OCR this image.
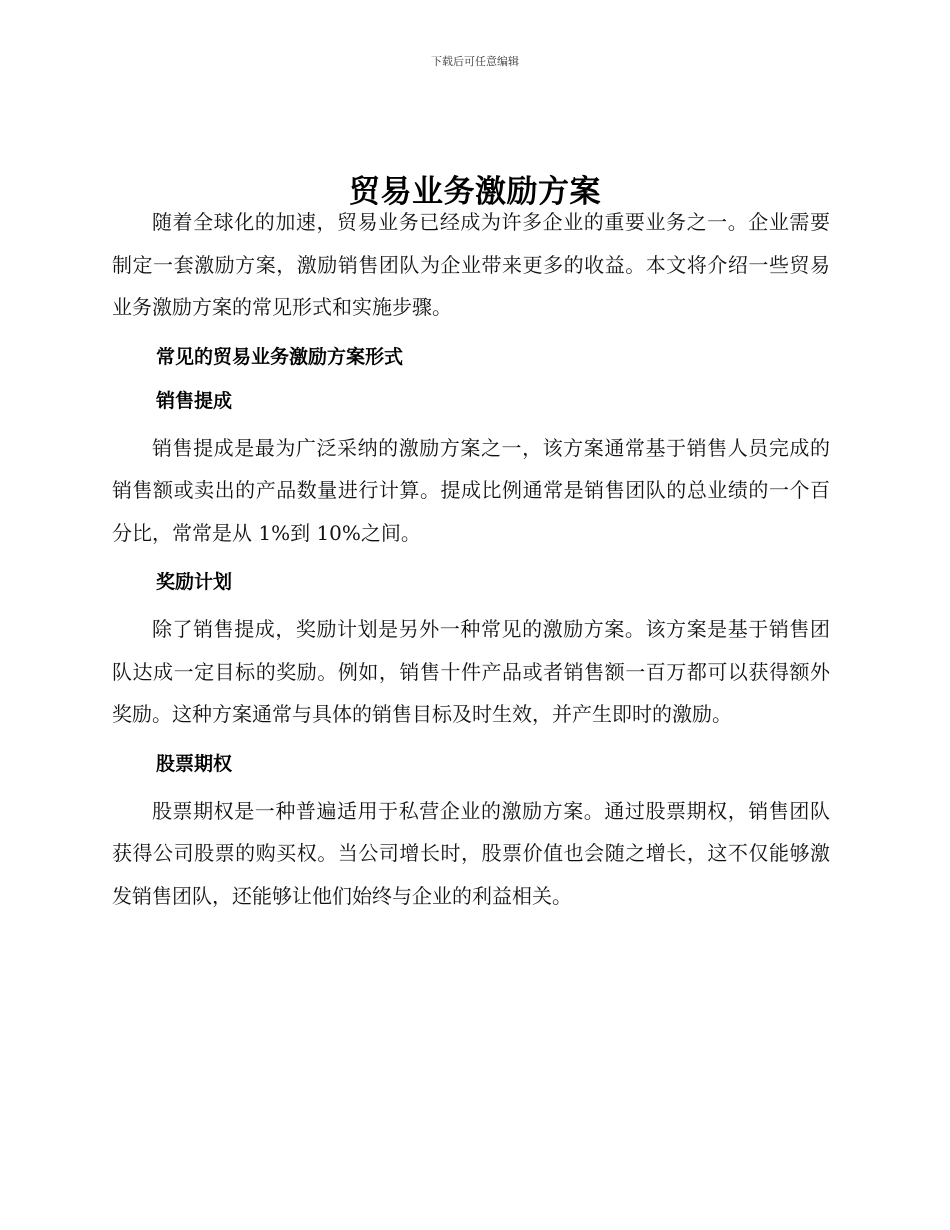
下载后可任意编辑
贸易业务激励方案

随着全球化的加速，贸易业务已经成为许多企业的重要业务之一。企业需要制定一套激励方案，激励销售团队为企业带来更多的收益。本文将介绍一些贸易业务激励方案的常见形式和实施步骤。

常见的贸易业务激励方案形式
销售提成

销售提成是最为广泛采纳的激励方案之一，该方案通常基于销售人员完成的销售额或卖出的产品数量进行计算。提成比例通常是销售团队的总业绩的一个百分比，常常是从 1%到 10%之间。

奖励计划

除了销售提成，奖励计划是另外一种常见的激励方案。该方案是基于销售团队达成一定目标的奖励。例如，销售十件产品或者销售额一百万都可以获得额外奖励。这种方案通常与具体的销售目标及时生效，并产生即时的激励。

股票期权

股票期权是一种普遍适用于私营企业的激励方案。通过股票期权，销售团队获得公司股票的购买权。当公司增长时，股票价值也会随之增长，这不仅能够激发销售团队，还能够让他们始终与企业的利益相关。
